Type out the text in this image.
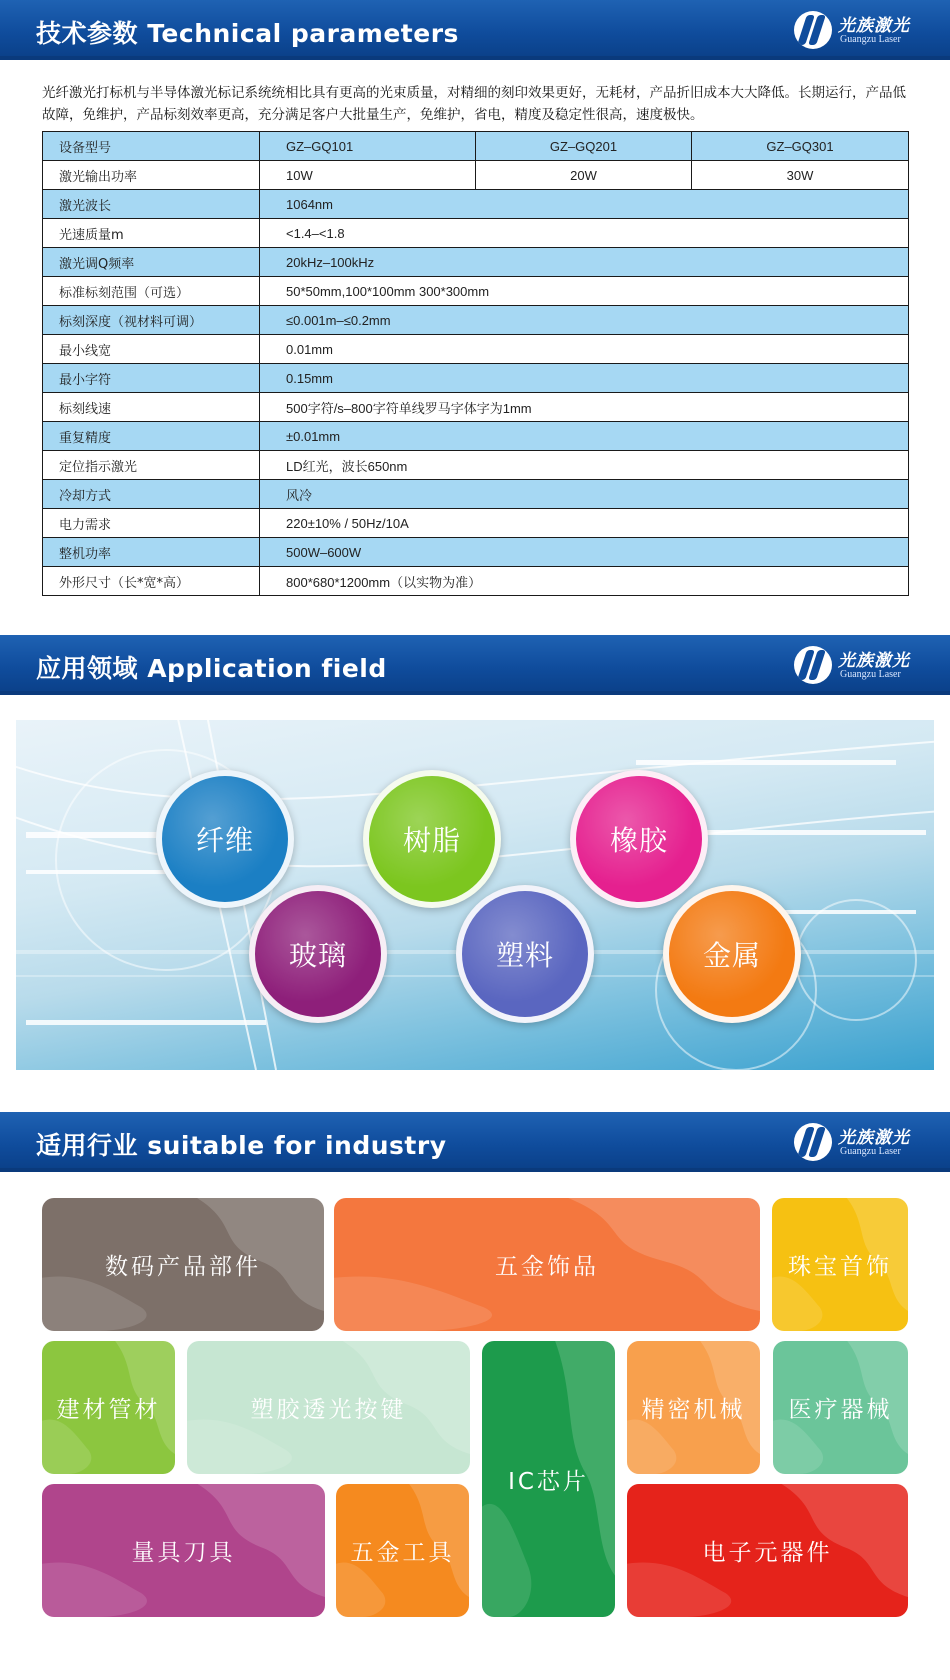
技术参数 Technical parameters	光族激光
Guangzu Laser

光纤激光打标机与半导体激光标记系统统相比具有更高的光束质量，对精细的刻印效果更好，无耗材，产品折旧成本大大降低。长期运行，产品低故障，免维护，产品标刻效率更高，充分满足客户大批量生产，免维护，省电，精度及稳定性很高，速度极快。

设备型号	GZ–GQ101	GZ–GQ201	GZ–GQ301
激光输出功率	10W	20W	30W
激光波长	1064nm		
光速质量m	<1.4–<1.8		
激光调Q频率	20kHz–100kHz		
标准标刻范围（可选）	50*50mm,100*100mm 300*300mm		
标刻深度（视材料可调）	≤0.001m–≤0.2mm		
最小线宽	0.01mm		
最小字符	0.15mm		
标刻线速	500字符/s–800字符单线罗马字体字为1mm		
重复精度	±0.01mm		
定位指示激光	LD红光，波长650nm		
冷却方式	风冷		
电力需求	220±10% / 50Hz/10A		
整机功率	500W–600W		
外形尺寸（长*宽*高）	800*680*1200mm（以实物为准）		
应用领域 Application field	光族激光
Guangzu Laser
纤维	树脂	橡胶
玻璃	塑料	金属
适用行业 suitable for industry	光族激光
Guangzu Laser
数码产品部件	五金饰品	珠宝首饰
建材管材	塑胶透光按键
IC芯片
精密机械 医疗器械
量具刀具	五金工具	电子元器件
